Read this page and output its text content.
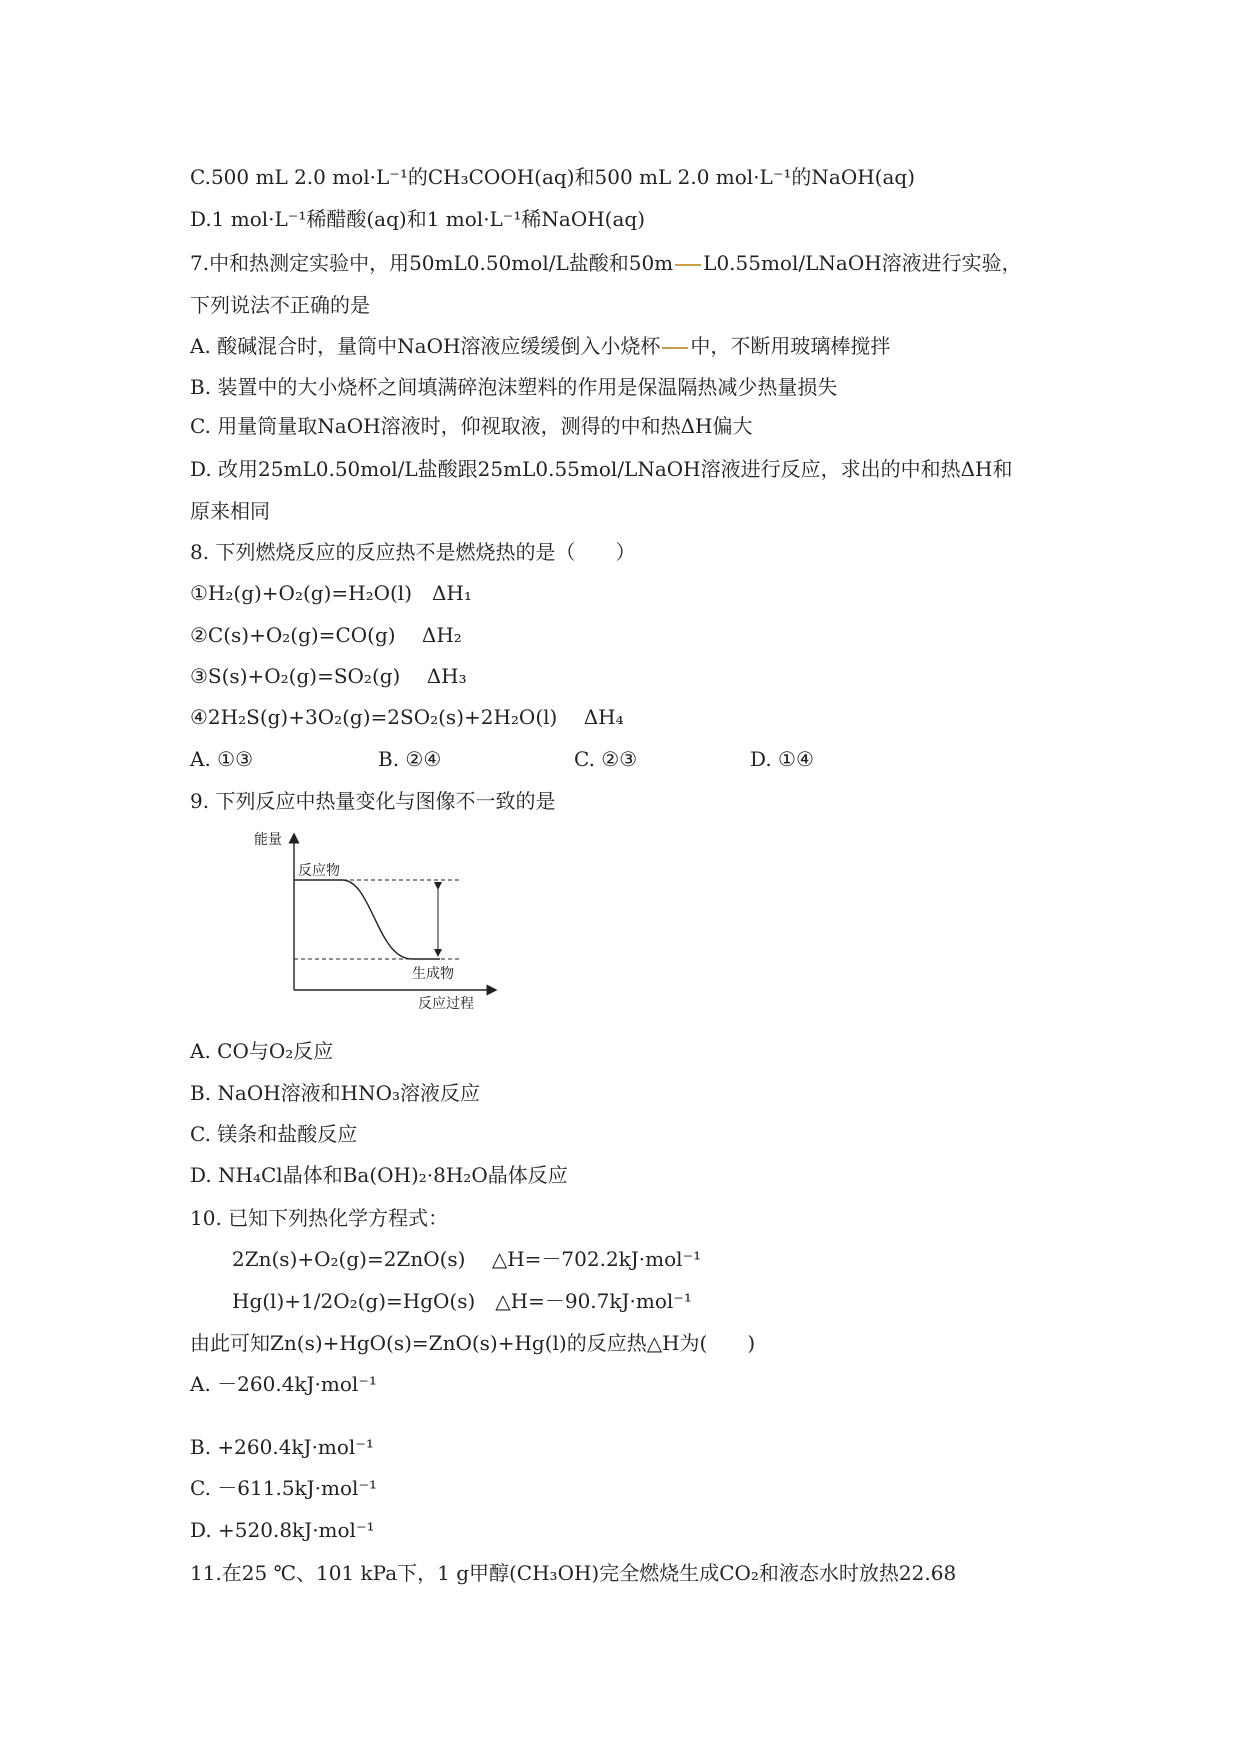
C.500 mL 2.0 mol·L⁻¹的CH₃COOH(aq)和500 mL 2.0 mol·L⁻¹的NaOH(aq)
D.1 mol·L⁻¹稀醋酸(aq)和1 mol·L⁻¹稀NaOH(aq)
7.中和热测定实验中，用50mL0.50mol/L盐酸和50m L0.55mol/LNaOH溶液进行实验，
下列说法不正确的是
A. 酸碱混合时，量筒中NaOH溶液应缓缓倒入小烧杯 中，不断用玻璃棒搅拌
B. 装置中的大小烧杯之间填满碎泡沫塑料的作用是保温隔热减少热量损失
C. 用量筒量取NaOH溶液时，仰视取液，测得的中和热ΔH偏大
D. 改用25mL0.50mol/L盐酸跟25mL0.55mol/LNaOH溶液进行反应，求出的中和热ΔH和
原来相同
8. 下列燃烧反应的反应热不是燃烧热的是（　　）
①H₂(g)+O₂(g)=H₂O(l)　ΔH₁
②C(s)+O₂(g)=CO(g)　 ΔH₂
③S(s)+O₂(g)=SO₂(g)　 ΔH₃
④2H₂S(g)+3O₂(g)=2SO₂(s)+2H₂O(l)　 ΔH₄
A. ①③	B. ②④	C. ②③	D. ①④
9. 下列反应中热量变化与图像不一致的是
能量
反应物
生成物
反应过程
A. CO与O₂反应
B. NaOH溶液和HNO₃溶液反应
C. 镁条和盐酸反应
D. NH₄Cl晶体和Ba(OH)₂·8H₂O晶体反应
10. 已知下列热化学方程式：
2Zn(s)+O₂(g)=2ZnO(s)　 △H=－702.2kJ·mol⁻¹
Hg(l)+1/2O₂(g)=HgO(s)　△H=－90.7kJ·mol⁻¹
由此可知Zn(s)+HgO(s)=ZnO(s)+Hg(l)的反应热△H为(　　)
A. －260.4kJ·mol⁻¹
B. +260.4kJ·mol⁻¹
C. －611.5kJ·mol⁻¹
D. +520.8kJ·mol⁻¹
11.在25 ℃、101 kPa下，1 g甲醇(CH₃OH)完全燃烧生成CO₂和液态水时放热22.68
